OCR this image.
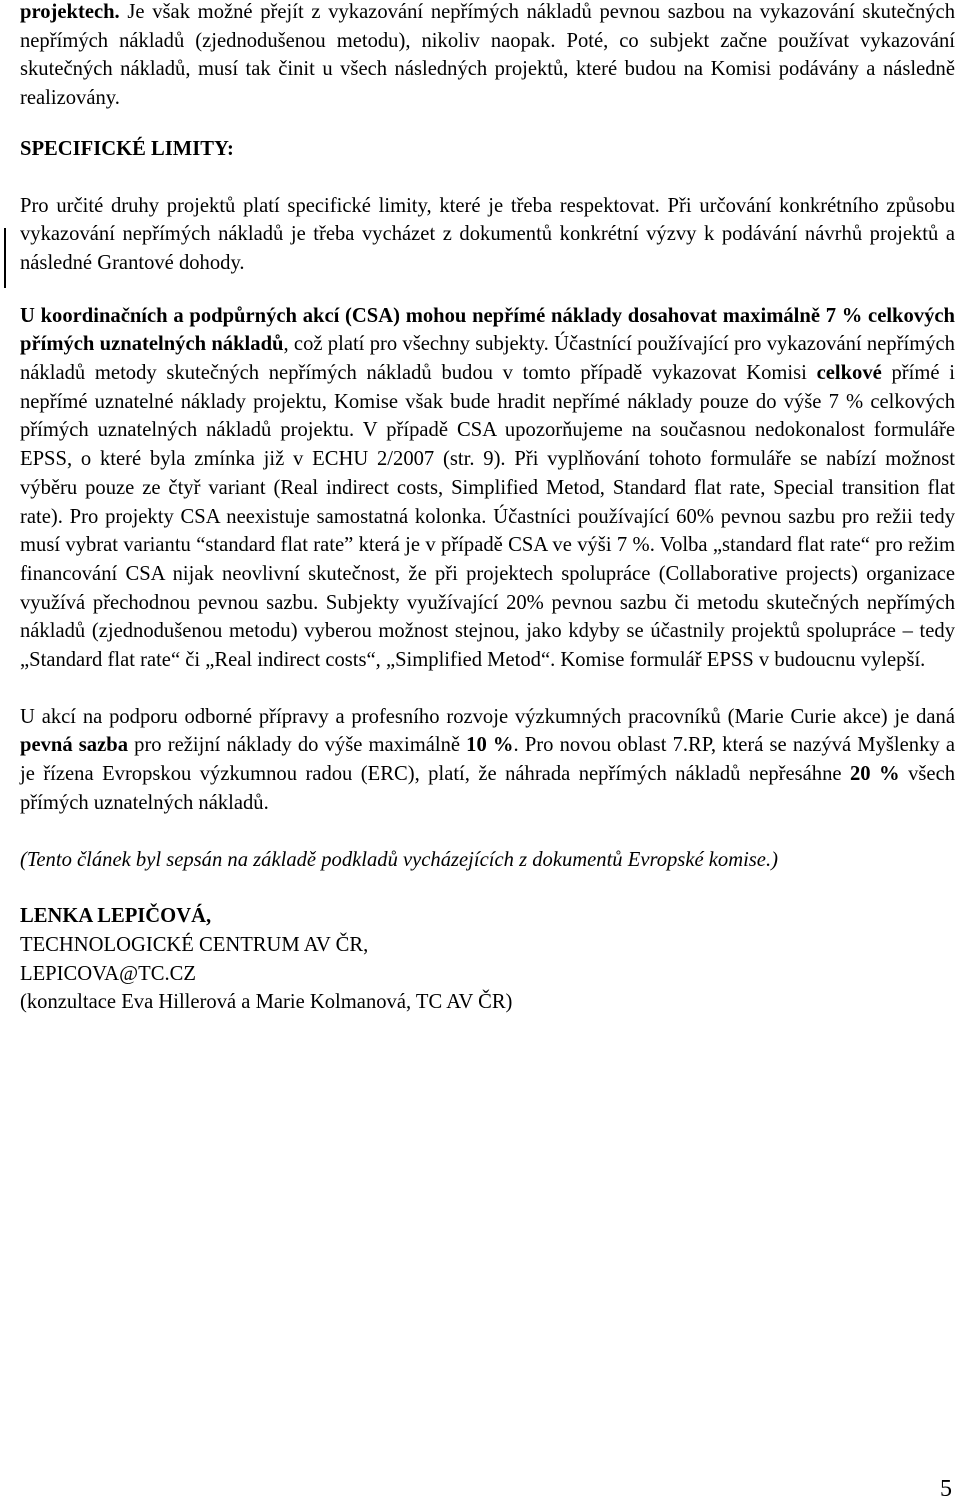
projektech. Je však možné přejít z vykazování nepřímých nákladů pevnou sazbou na vykazování skutečných nepřímých nákladů (zjednodušenou metodu), nikoliv naopak. Poté, co subjekt začne používat vykazování skutečných nákladů, musí tak činit u všech následných projektů, které budou na Komisi podávány a následně realizovány.

SPECIFICKÉ LIMITY:

Pro určité druhy projektů platí specifické limity, které je třeba respektovat. Při určování konkrétního způsobu vykazování nepřímých nákladů je třeba vycházet z dokumentů konkrétní výzvy k podávání návrhů projektů a následné Grantové dohody.

U koordinačních a podpůrných akcí (CSA) mohou nepřímé náklady dosahovat maximálně 7 % celkových přímých uznatelných nákladů, což platí pro všechny subjekty. Účastnící používající pro vykazování nepřímých nákladů metody skutečných nepřímých nákladů budou v tomto případě vykazovat Komisi celkové přímé i nepřímé uznatelné náklady projektu, Komise však bude hradit nepřímé náklady pouze do výše 7 % celkových přímých uznatelných nákladů projektu. V případě CSA upozorňujeme na současnou nedokonalost formuláře EPSS, o které byla zmínka již v ECHU 2/2007 (str. 9). Při vyplňování tohoto formuláře se nabízí možnost výběru pouze ze čtyř variant (Real indirect costs, Simplified Metod, Standard flat rate, Special transition flat rate). Pro projekty CSA neexistuje samostatná kolonka. Účastníci používající 60% pevnou sazbu pro režii tedy musí vybrat variantu “standard flat rate” která je v případě CSA ve výši 7 %. Volba „standard flat rate“ pro režim financování CSA nijak neovlivní skutečnost, že při projektech spolupráce (Collaborative projects) organizace využívá přechodnou pevnou sazbu. Subjekty využívající 20% pevnou sazbu či metodu skutečných nepřímých nákladů (zjednodušenou metodu) vyberou možnost stejnou, jako kdyby se účastnily projektů spolupráce – tedy „Standard flat rate“ či „Real indirect costs“, „Simplified Metod“. Komise formulář EPSS v budoucnu vylepší.

U akcí na podporu odborné přípravy a profesního rozvoje výzkumných pracovníků (Marie Curie akce) je daná pevná sazba pro režijní náklady do výše maximálně 10 %. Pro novou oblast 7.RP, která se nazývá Myšlenky a je řízena Evropskou výzkumnou radou (ERC), platí, že náhrada nepřímých nákladů nepřesáhne 20 % všech přímých uznatelných nákladů.

(Tento článek byl sepsán na základě podkladů vycházejících z dokumentů Evropské komise.)

LENKA LEPIČOVÁ,
TECHNOLOGICKÉ CENTRUM AV ČR,
LEPICOVA@TC.CZ
(konzultace Eva Hillerová a Marie Kolmanová, TC AV ČR)
5
